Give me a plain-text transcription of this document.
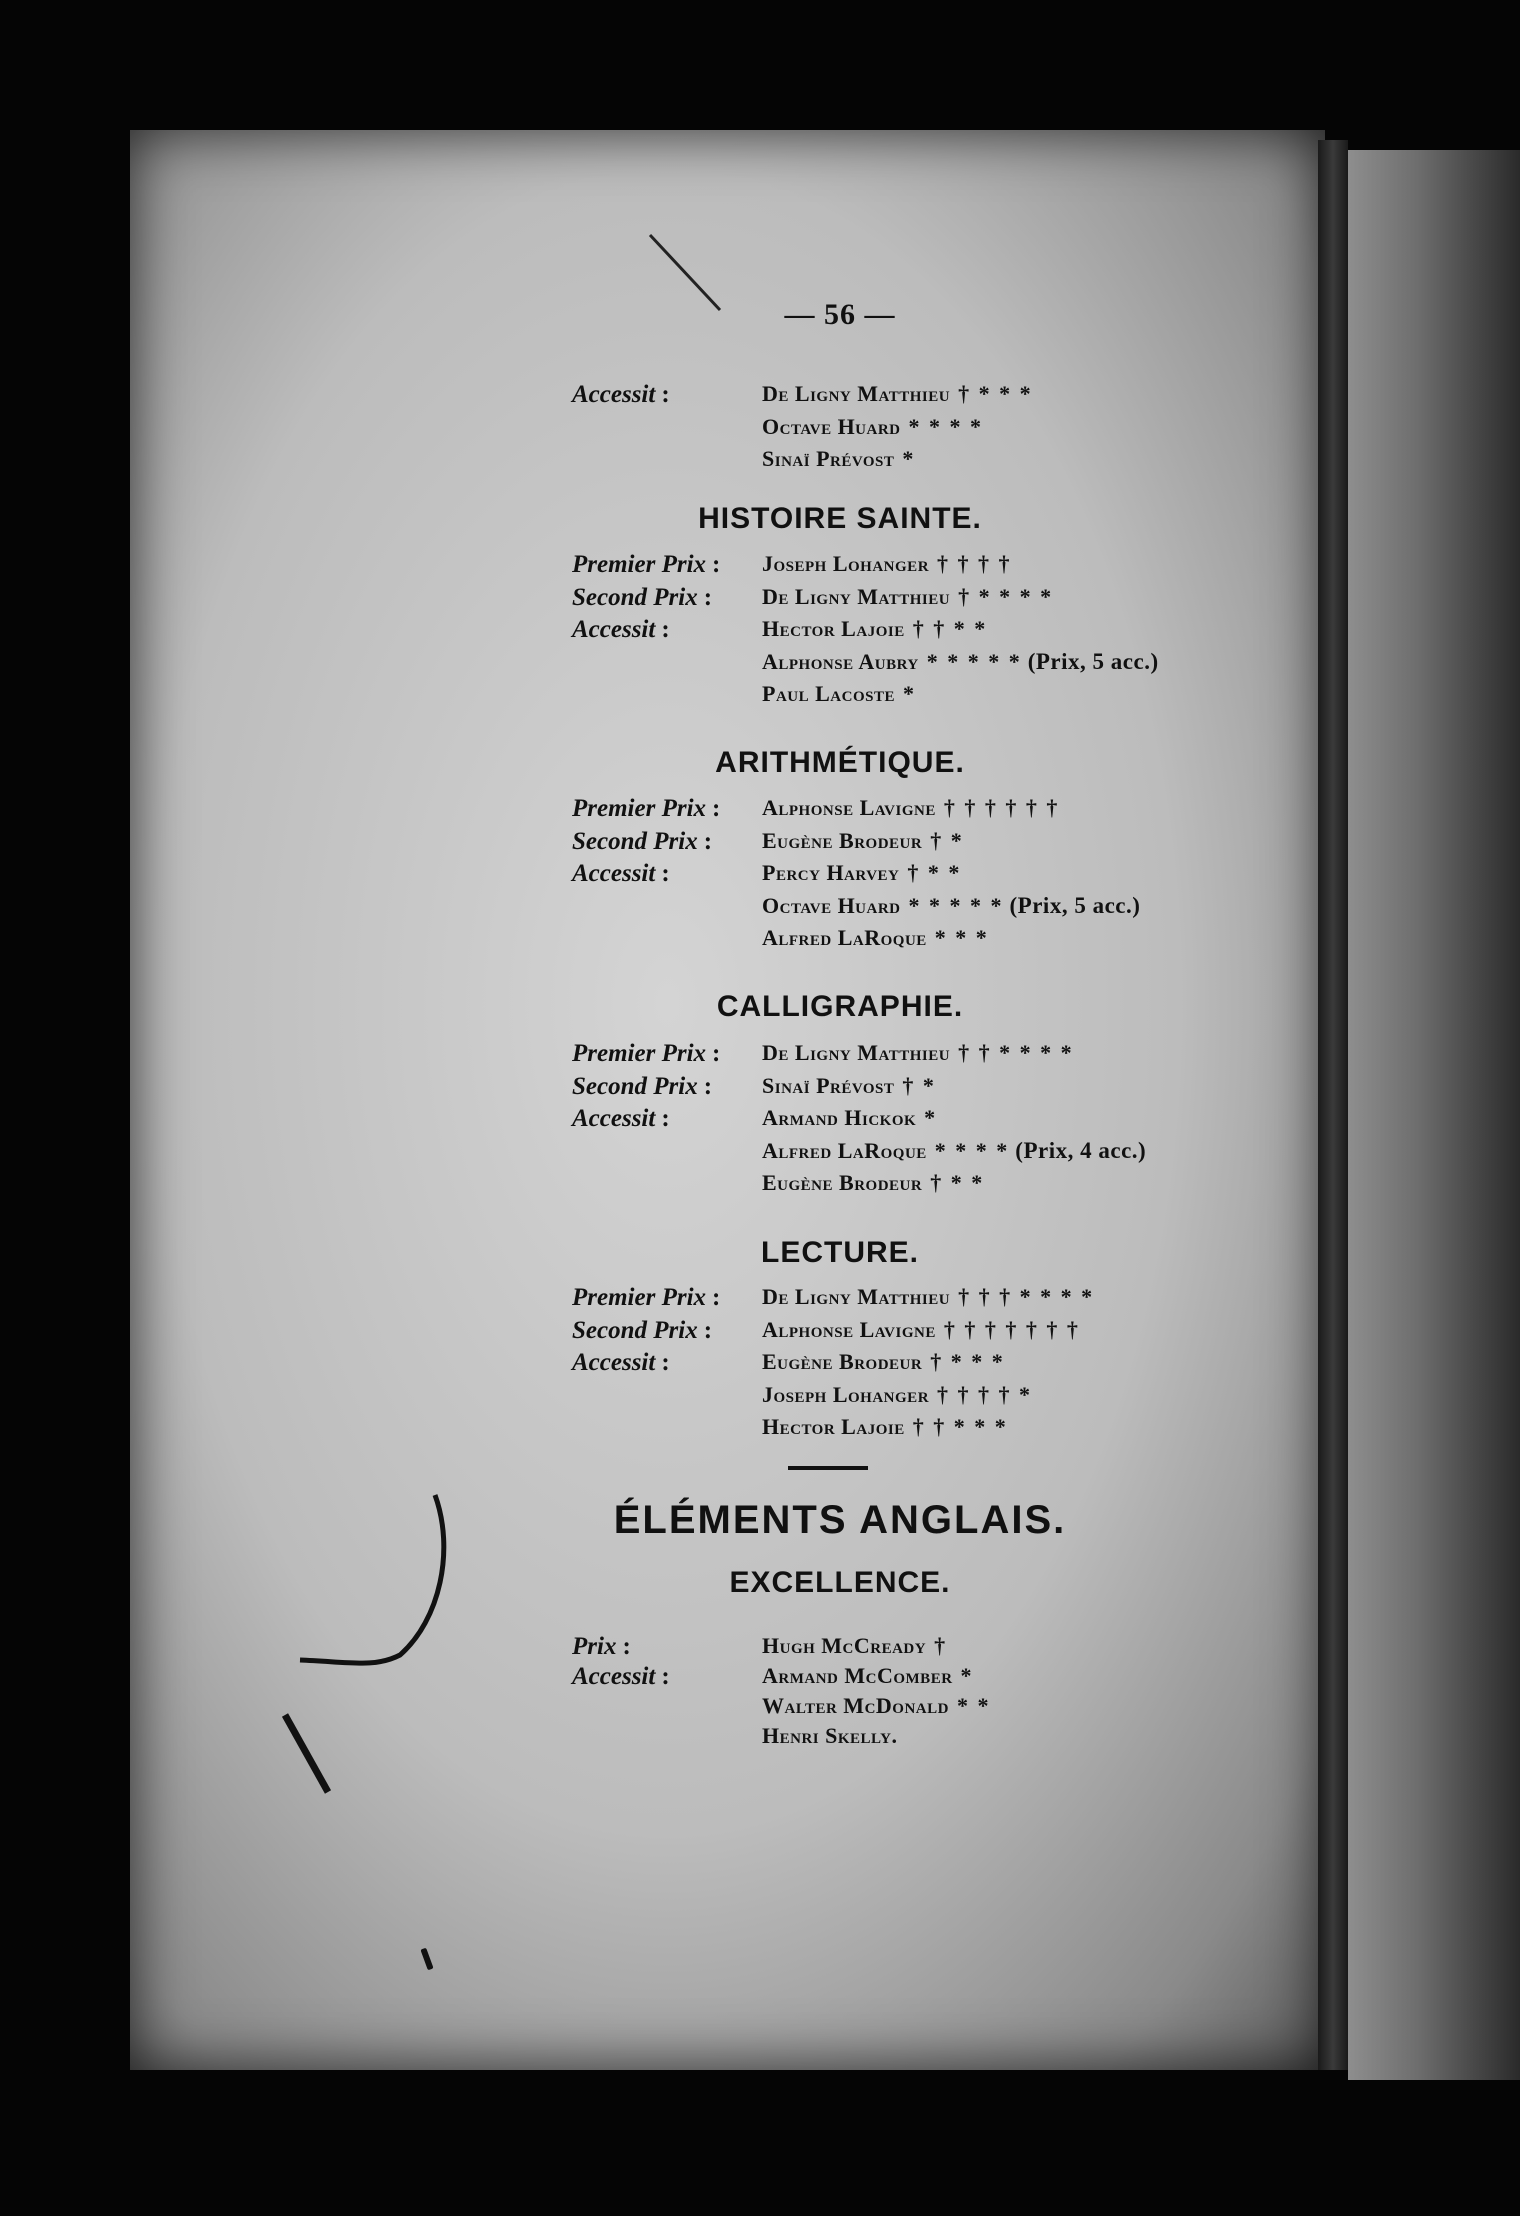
— 56 —
Accessit :	De Ligny Matthieu † * * *
Octave Huard * * * *
Sinaï Prévost *
HISTOIRE SAINTE.
Premier Prix :	Joseph Lohanger † † † †
Second Prix :	De Ligny Matthieu † * * * *
Accessit :	Hector Lajoie † † * *
Alphonse Aubry * * * * * (Prix, 5 acc.)
Paul Lacoste *
ARITHMÉTIQUE.
Premier Prix :	Alphonse Lavigne † † † † † †
Second Prix :	Eugène Brodeur † *
Accessit :	Percy Harvey † * *
Octave Huard * * * * * (Prix, 5 acc.)
Alfred LaRoque * * *
CALLIGRAPHIE.
Premier Prix :	De Ligny Matthieu † † * * * *
Second Prix :	Sinaï Prévost † *
Accessit :	Armand Hickok *
Alfred LaRoque * * * * (Prix, 4 acc.)
Eugène Brodeur † * *
LECTURE.
Premier Prix :	De Ligny Matthieu † † † * * * *
Second Prix :	Alphonse Lavigne † † † † † † †
Accessit :	Eugène Brodeur † * * *
Joseph Lohanger † † † † *
Hector Lajoie † † * * *
ÉLÉMENTS ANGLAIS.
EXCELLENCE.
Prix :	Hugh McCready †
Accessit :	Armand McComber *
Walter McDonald * *
Henri Skelly.
